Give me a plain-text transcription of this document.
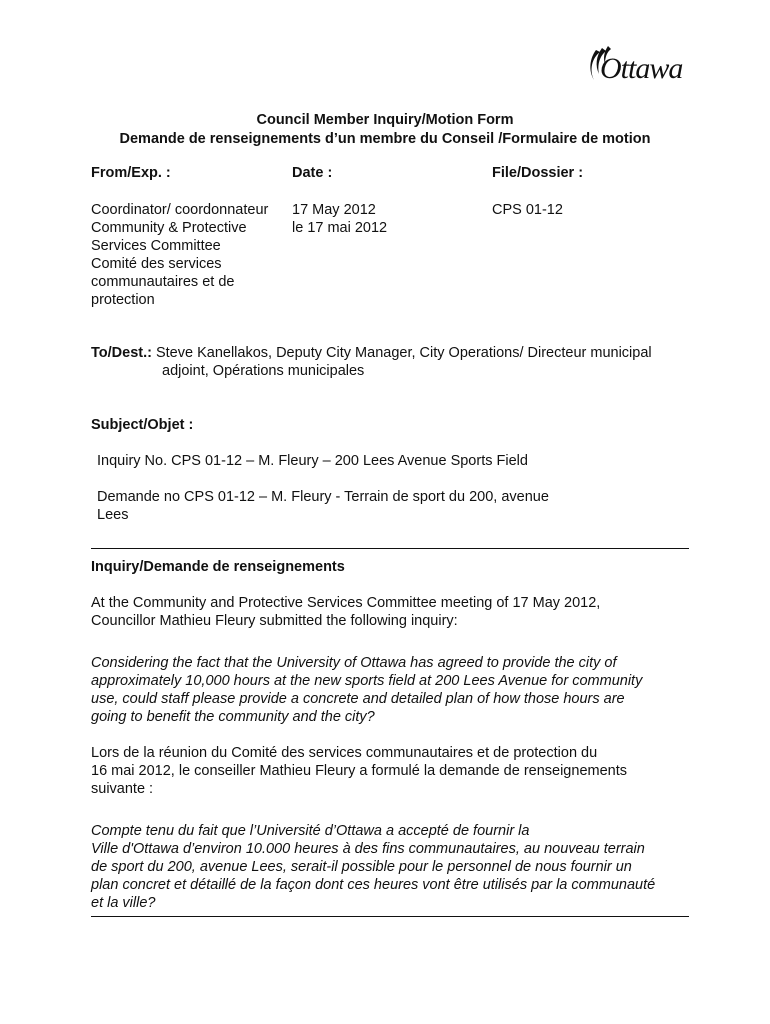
Ottawa
Council Member Inquiry/Motion Form
Demande de renseignements d’un membre du Conseil /Formulaire de motion
From/Exp. :	Date :	File/Dossier :
Coordinator/ coordonnateur
Community & Protective
Services Committee
Comité des services
communautaires et de
protection
17 May 2012
le 17 mai 2012
CPS 01-12
To/Dest.: Steve Kanellakos, Deputy City Manager, City Operations/ Directeur municipal
adjoint, Opérations municipales
Subject/Objet :
Inquiry No. CPS 01-12 – M. Fleury – 200 Lees Avenue Sports Field
Demande no CPS 01-12 – M. Fleury - Terrain de sport du 200, avenue
Lees
Inquiry/Demande de renseignements
At the Community and Protective Services Committee meeting of 17 May 2012,
Councillor Mathieu Fleury submitted the following inquiry:
Considering the fact that the University of Ottawa has agreed to provide the city of
approximately 10,000 hours at the new sports field at 200 Lees Avenue for community
use, could staff please provide a concrete and detailed plan of how those hours are
going to benefit the community and the city?
Lors de la réunion du Comité des services communautaires et de protection du
16 mai 2012, le conseiller Mathieu Fleury a formulé la demande de renseignements
suivante :
Compte tenu du fait que l’Université d’Ottawa a accepté de fournir la
Ville d'Ottawa d’environ 10.000 heures à des fins communautaires, au nouveau terrain
de sport du 200, avenue Lees, serait-il possible pour le personnel de nous fournir un
plan concret et détaillé de la façon dont ces heures vont être utilisés par la communauté
et la ville?
